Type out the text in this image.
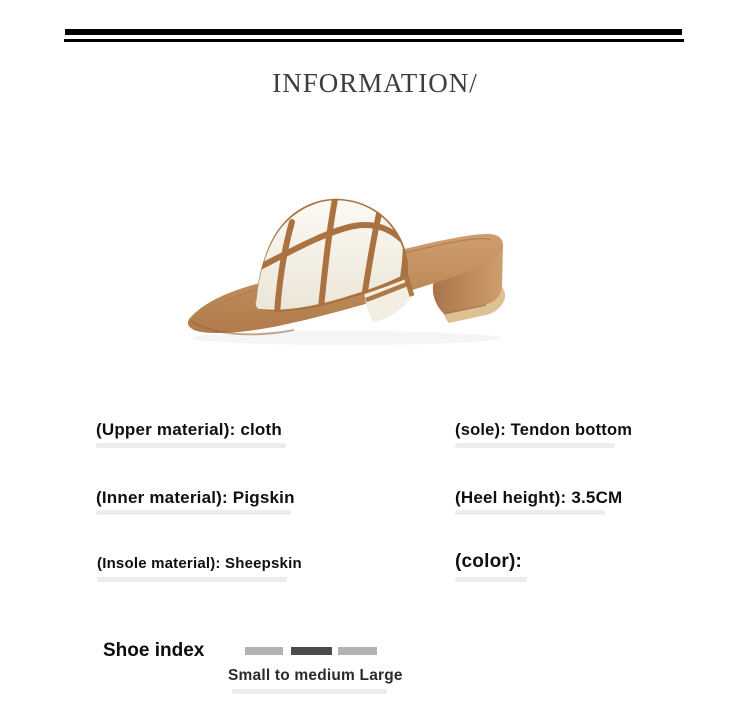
INFORMATION/
(Upper material): cloth	(sole): Tendon bottom
(Inner material): Pigskin	(Heel height): 3.5CM
(Insole material): Sheepskin	(color):
Shoe index
Small to medium Large
